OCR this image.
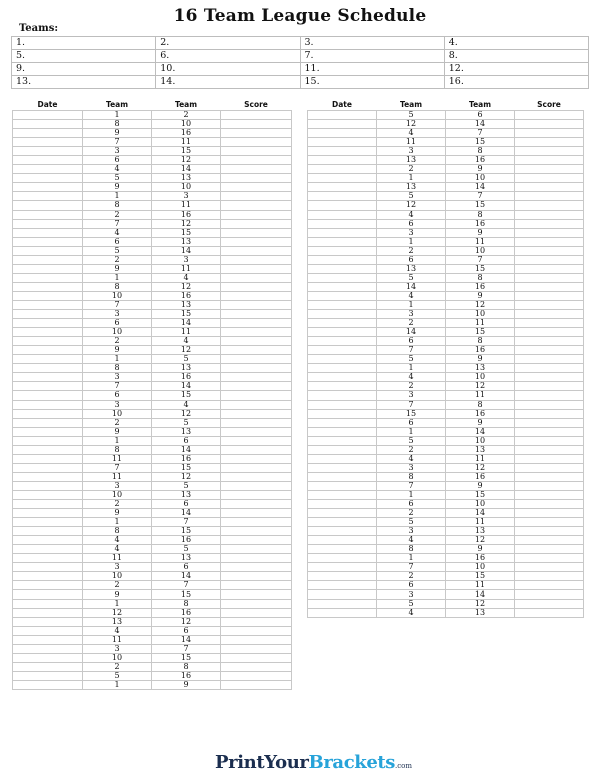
16 Team League Schedule
Teams:
1.	2.	3.	4.
5.	6.	7.	8.
9.	10.	11.	12.
13.	14.	15.	16.
Date	Team	Team	Score
	1	2	
	8	10	
	9	16	
	7	11	
	3	15	
	6	12	
	4	14	
	5	13	
	9	10	
	1	3	
	8	11	
	2	16	
	7	12	
	4	15	
	6	13	
	5	14	
	2	3	
	9	11	
	1	4	
	8	12	
	10	16	
	7	13	
	3	15	
	6	14	
	10	11	
	2	4	
	9	12	
	1	5	
	8	13	
	3	16	
	7	14	
	6	15	
	3	4	
	10	12	
	2	5	
	9	13	
	1	6	
	8	14	
	11	16	
	7	15	
	11	12	
	3	5	
	10	13	
	2	6	
	9	14	
	1	7	
	8	15	
	4	16	
	4	5	
	11	13	
	3	6	
	10	14	
	2	7	
	9	15	
	1	8	
	12	16	
	13	12	
	4	6	
	11	14	
	3	7	
	10	15	
	2	8	
	5	16	
	1	9	
Date	Team	Team	Score
	5	6	
	12	14	
	4	7	
	11	15	
	3	8	
	13	16	
	2	9	
	1	10	
	13	14	
	5	7	
	12	15	
	4	8	
	6	16	
	3	9	
	1	11	
	2	10	
	6	7	
	13	15	
	5	8	
	14	16	
	4	9	
	1	12	
	3	10	
	2	11	
	14	15	
	6	8	
	7	16	
	5	9	
	1	13	
	4	10	
	2	12	
	3	11	
	7	8	
	15	16	
	6	9	
	1	14	
	5	10	
	2	13	
	4	11	
	3	12	
	8	16	
	7	9	
	1	15	
	6	10	
	2	14	
	5	11	
	3	13	
	4	12	
	8	9	
	1	16	
	7	10	
	2	15	
	6	11	
	3	14	
	5	12	
	4	13	
PrintYourBrackets.com
